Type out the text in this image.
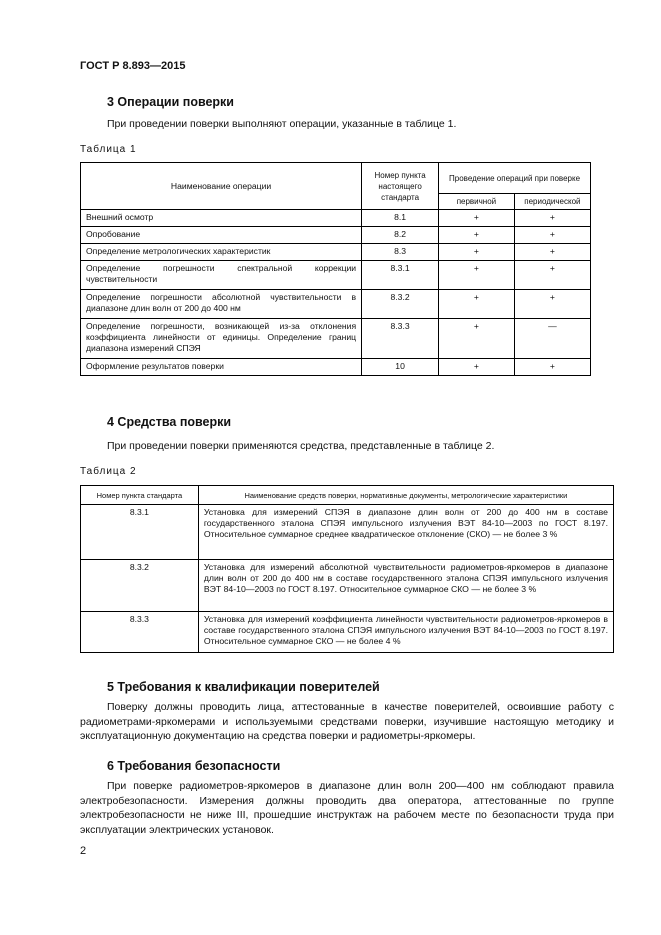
ГОСТ Р 8.893—2015
3 Операции поверки

При проведении поверки выполняют операции, указанные в таблице 1.

Таблица 1
Наименование операции	Номер пункта настоящего стандарта	Проведение операций при поверке	
		первичной	периодической
Внешний осмотр	8.1	+	+
Опробование	8.2	+	+
Определение метрологических характеристик	8.3	+	+
Определение погрешности спектральной коррекции чувствительности	8.3.1	+	+
Определение погрешности абсолютной чувствительности в диапазоне длин волн от 200 до 400 нм	8.3.2	+	+
Определение погрешности, возникающей из-за отклонения коэффициента линейности от единицы. Определение границ диапазона измерений СПЭЯ	8.3.3	+	—
Оформление результатов поверки	10	+	+
4 Средства поверки

При проведении поверки применяются средства, представленные в таблице 2.

Таблица 2
Номер пункта стандарта	Наименование средств поверки, нормативные документы, метрологические характеристики
8.3.1	Установка для измерений СПЭЯ в диапазоне длин волн от 200 до 400 нм в составе государственного эталона СПЭЯ импульсного излучения ВЭТ 84-10—2003 по ГОСТ 8.197. Относительное суммарное среднее квадратическое отклонение (СКО) — не более 3 %
8.3.2	Установка для измерений абсолютной чувствительности радиометров-яркомеров в диапазоне длин волн от 200 до 400 нм в составе государственного эталона СПЭЯ импульсного излучения ВЭТ 84-10—2003 по ГОСТ 8.197. Относительное суммарное СКО — не более 3 %
8.3.3	Установка для измерений коэффициента линейности чувствительности радиометров-яркомеров в составе государственного эталона СПЭЯ импульсного излучения ВЭТ 84-10—2003 по ГОСТ 8.197. Относительное суммарное СКО — не более 4 %
5 Требования к квалификации поверителей

Поверку должны проводить лица, аттестованные в качестве поверителей, освоившие работу с радиометрами-яркомерами и используемыми средствами поверки, изучившие настоящую методику и эксплуатационную документацию на средства поверки и радиометры-яркомеры.

6 Требования безопасности

При поверке радиометров-яркомеров в диапазоне длин волн 200—400 нм соблюдают правила электробезопасности. Измерения должны проводить два оператора, аттестованные по группе электробезопасности не ниже III, прошедшие инструктаж на рабочем месте по безопасности труда при эксплуатации электрических установок.

2
